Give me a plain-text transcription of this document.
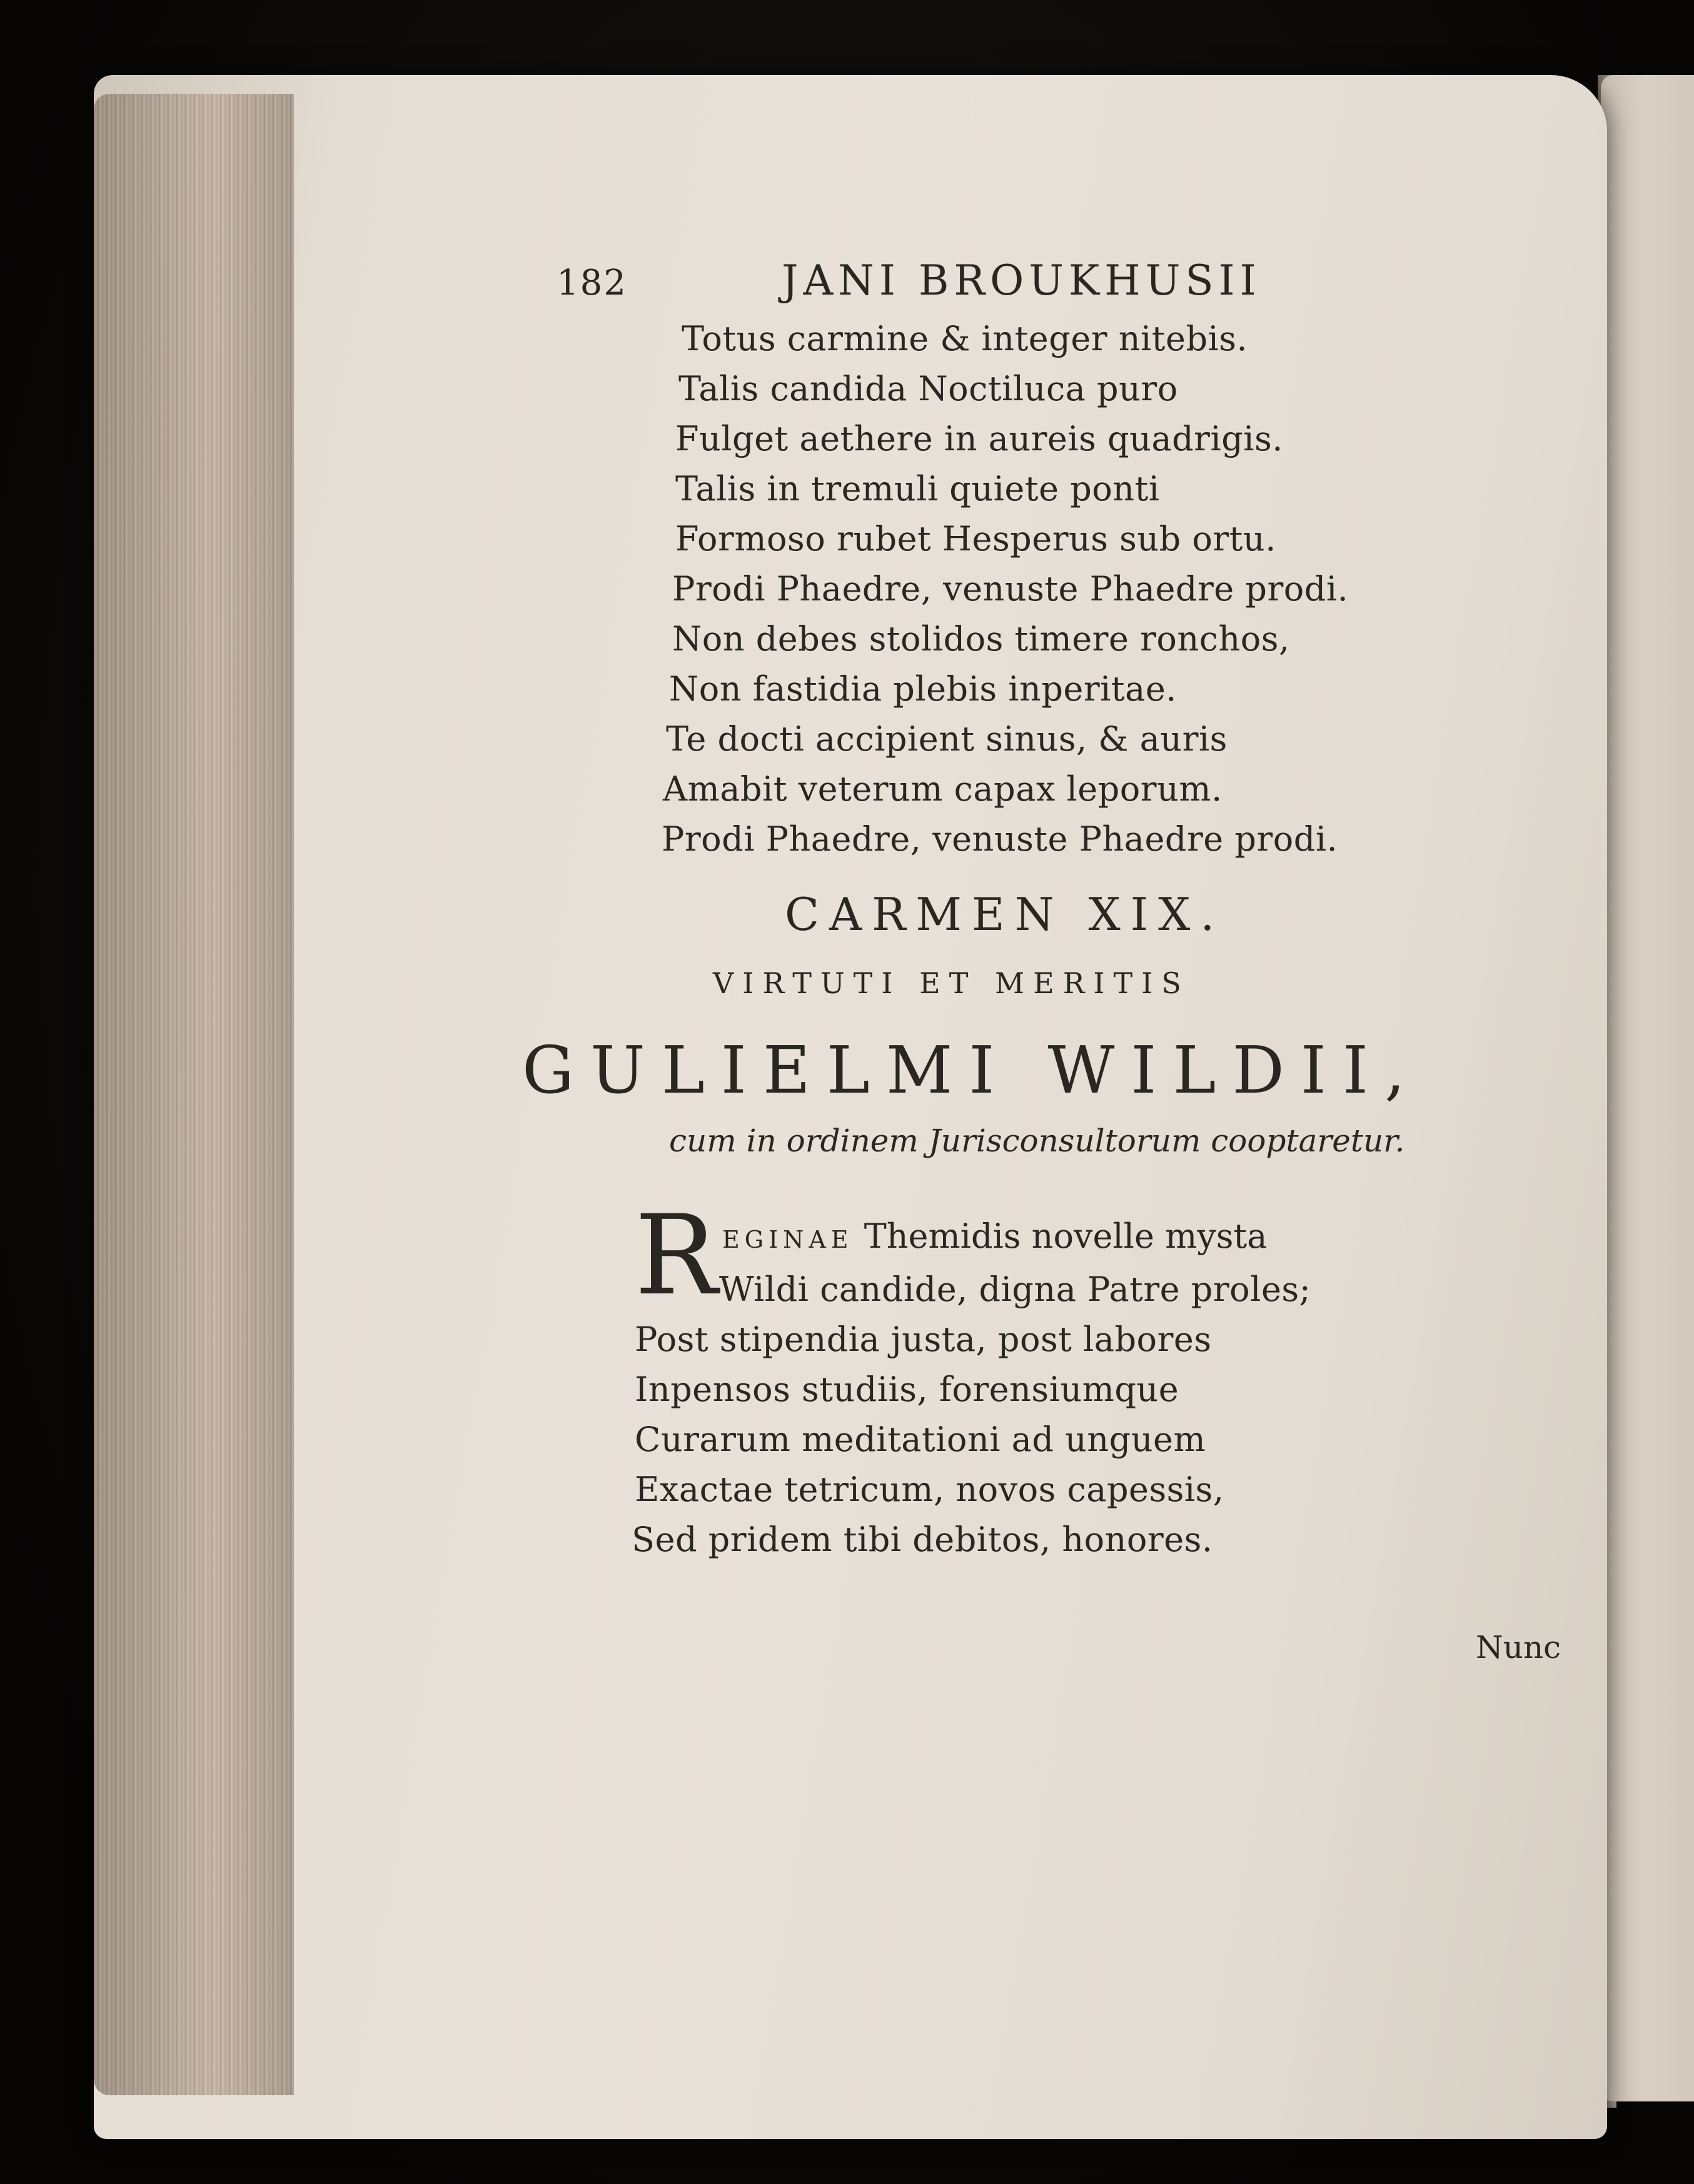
182	JANI BROUKHUSII
Totus carmine & integer nitebis.
Talis candida Noctiluca puro
Fulget aethere in aureis quadrigis.
Talis in tremuli quiete ponti
Formoso rubet Hesperus sub ortu.
Prodi Phaedre, venuste Phaedre prodi.
Non debes stolidos timere ronchos,
Non fastidia plebis inperitae.
Te docti accipient sinus, & auris
Amabit veterum capax leporum.
Prodi Phaedre, venuste Phaedre prodi.
CARMEN XIX.
VIRTUTI ET MERITIS
GULIELMI WILDII,
cum in ordinem Jurisconsultorum cooptaretur.
R EGINAE Themidis novelle mysta
Wildi candide, digna Patre proles;
Post stipendia justa, post labores
Inpensos studiis, forensiumque
Curarum meditationi ad unguem
Exactae tetricum, novos capessis,
Sed pridem tibi debitos, honores.
Nunc
